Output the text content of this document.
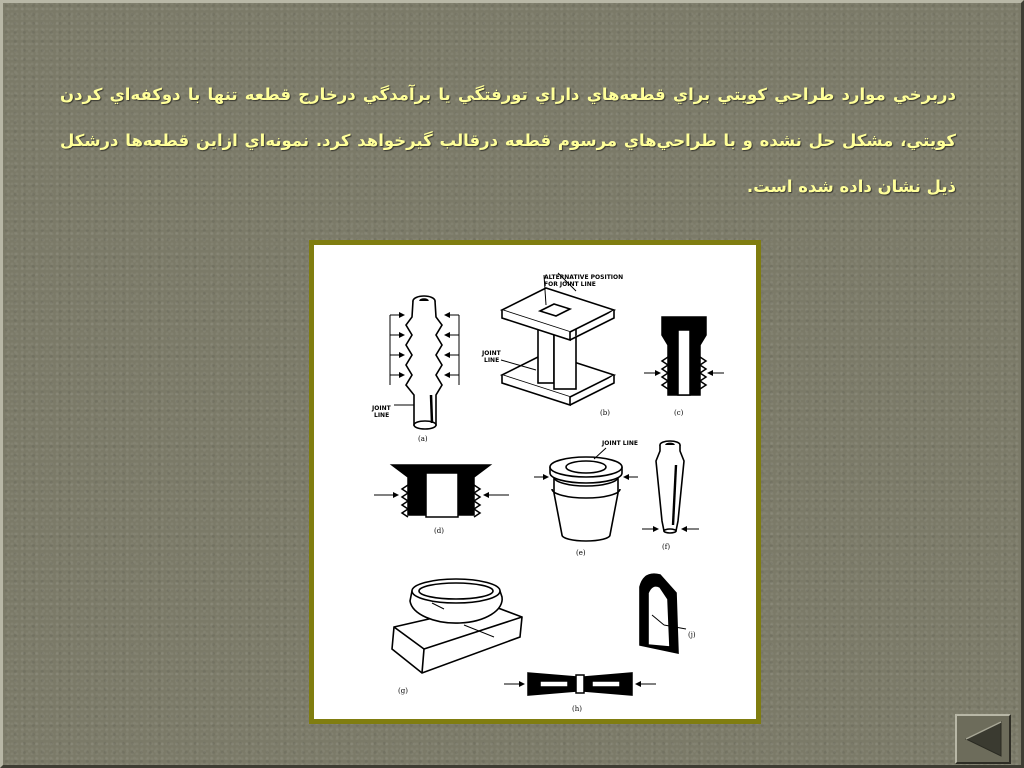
دربرخي موارد طراحي كويتي براي قطعه‌هاي داراي تورفتگي يا برآمدگي درخارج قطعه تنها با دوكفه‌اي كردن كويتي، مشكل حل نشده و با طراحي‌هاي مرسوم قطعه درقالب گيرخواهد كرد. نمونه‌اي ازاين قطعه‌ها درشكل ذيل نشان داده شده است.
JOINT
LINE
(a)
ALTERNATIVE POSITION
FOR JOINT LINE
JOINT
LINE
(b)	(c)
(d)
JOINT LINE
(e)
(f)
(g)
(j)
(h)
